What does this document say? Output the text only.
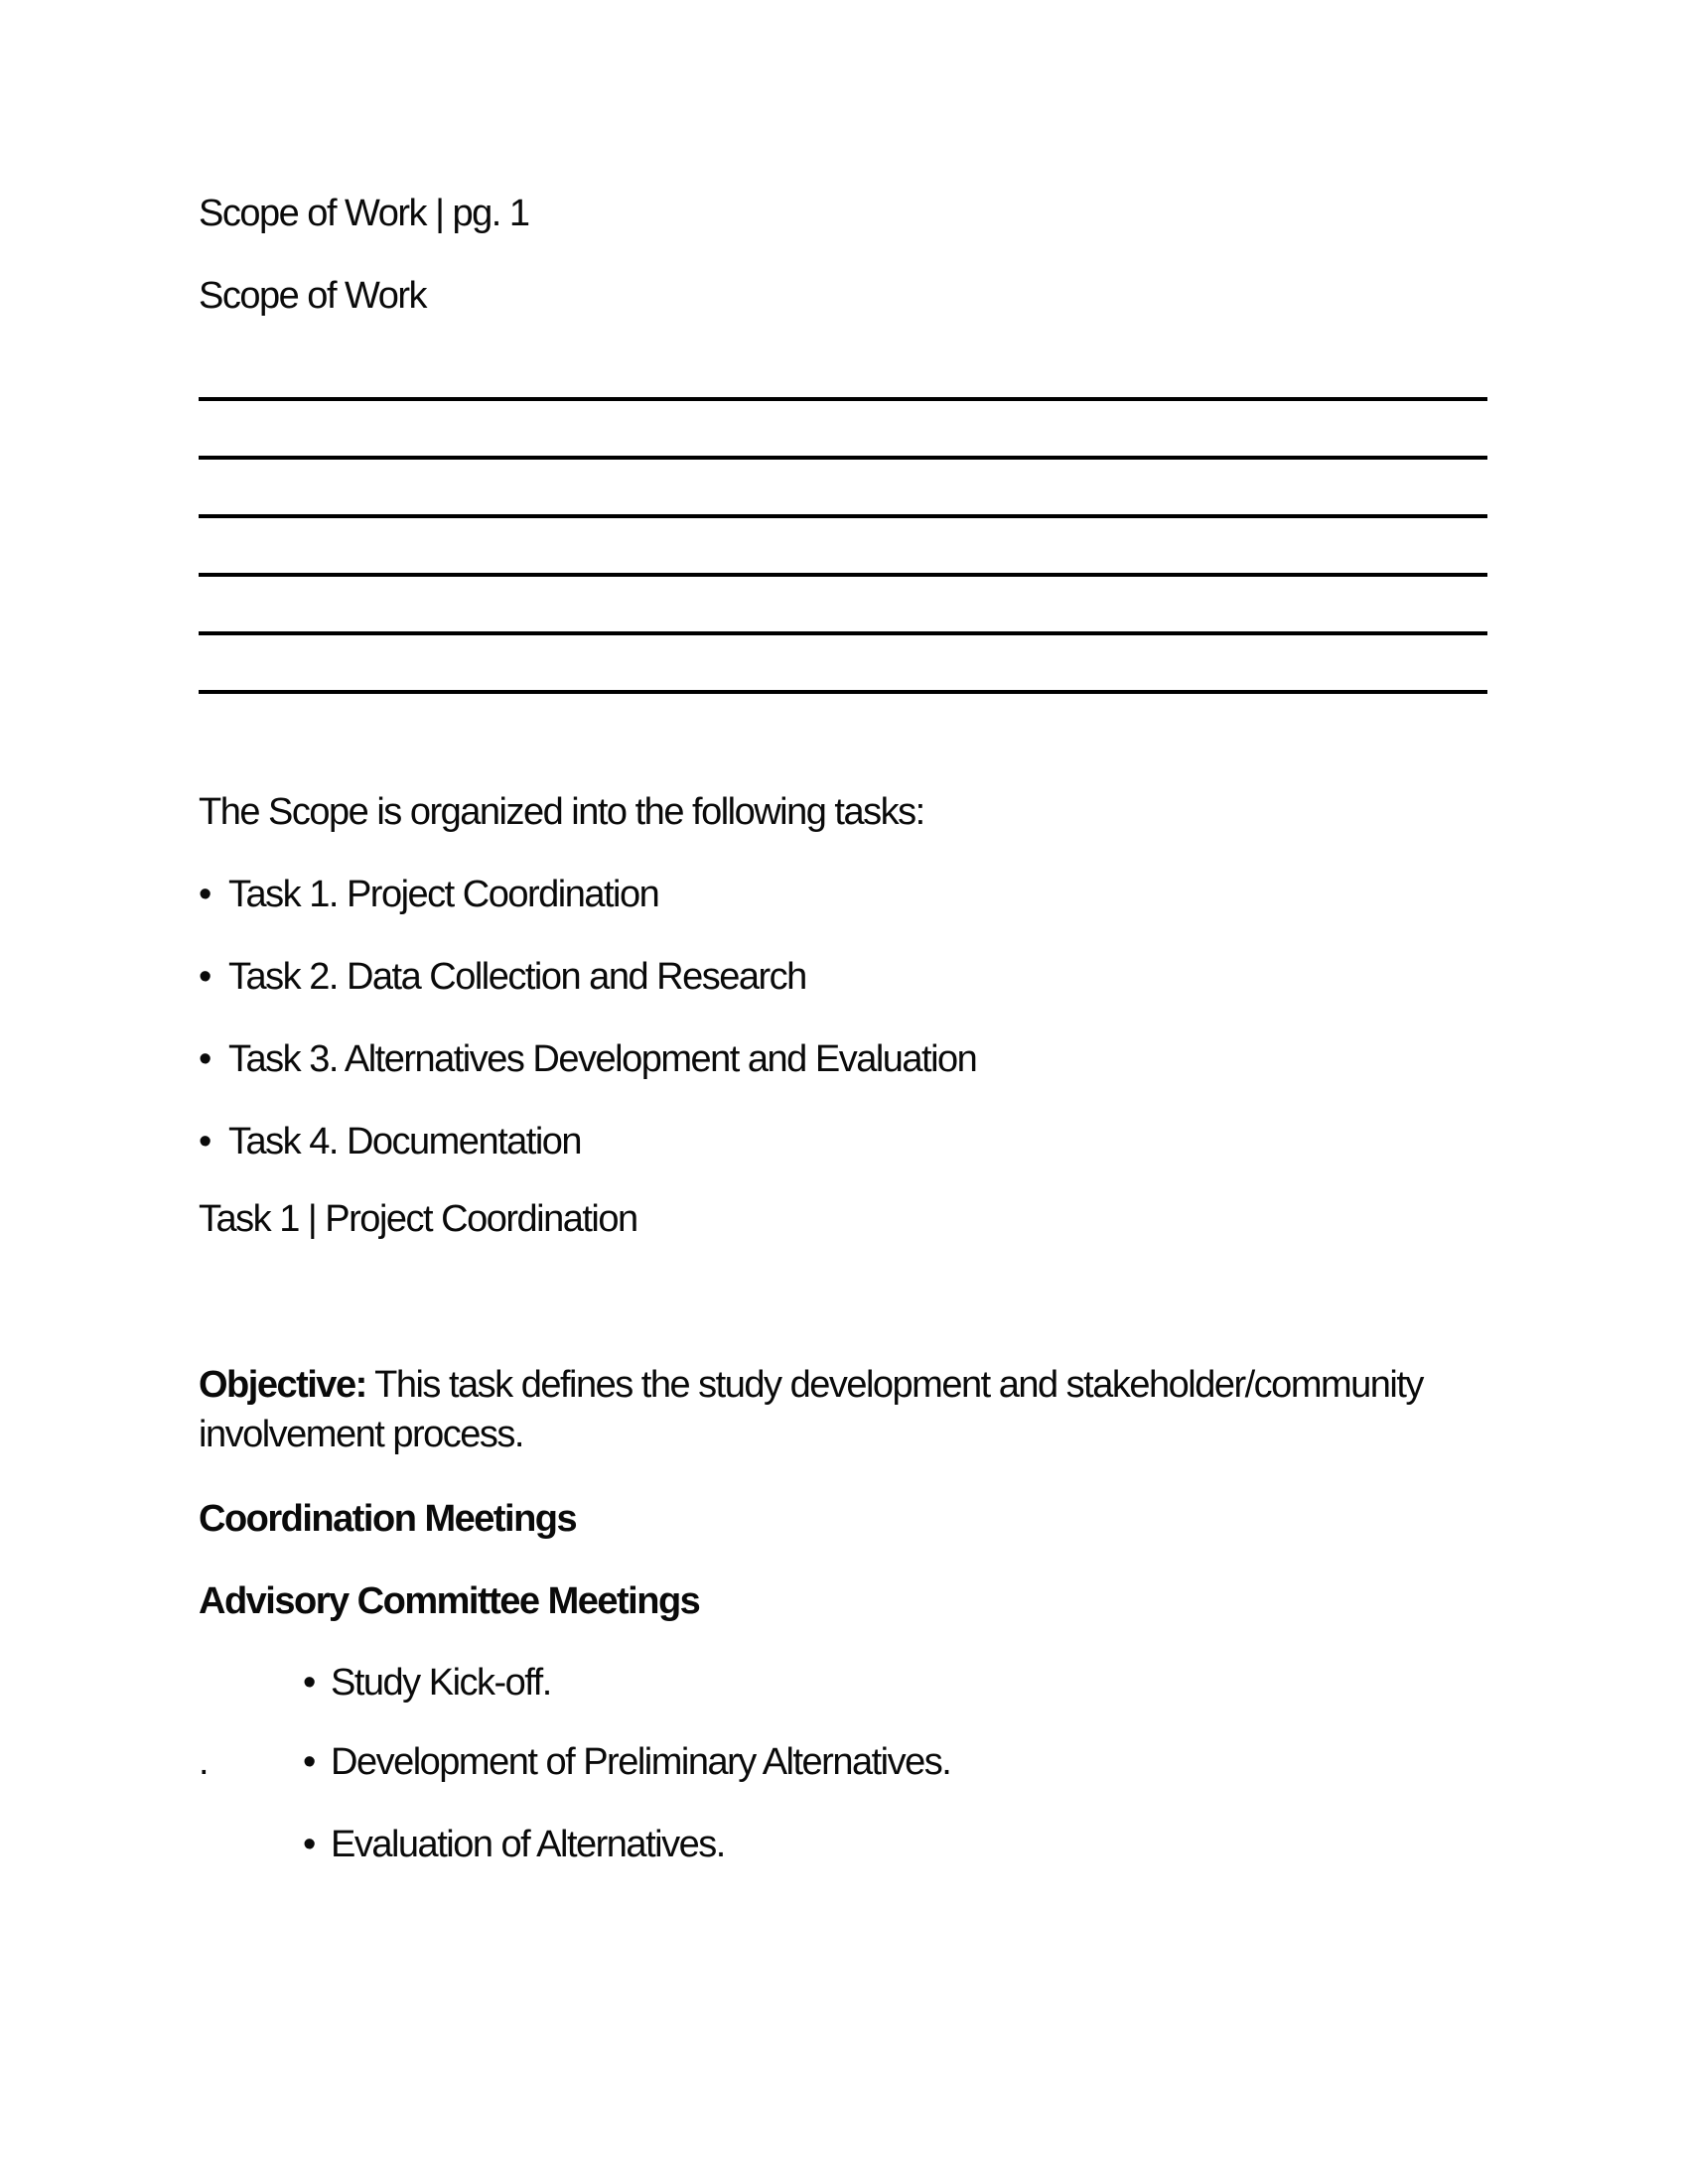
Scope of Work | pg. 1
Scope of Work
The Scope is organized into the following tasks:
• Task 1. Project Coordination
• Task 2. Data Collection and Research
• Task 3. Alternatives Development and Evaluation
• Task 4. Documentation
Task 1 | Project Coordination
Objective: This task defines the study development and stakeholder/community
involvement process.
Coordination Meetings
Advisory Committee Meetings
• Study Kick-off.
.	• Development of Preliminary Alternatives.
• Evaluation of Alternatives.
